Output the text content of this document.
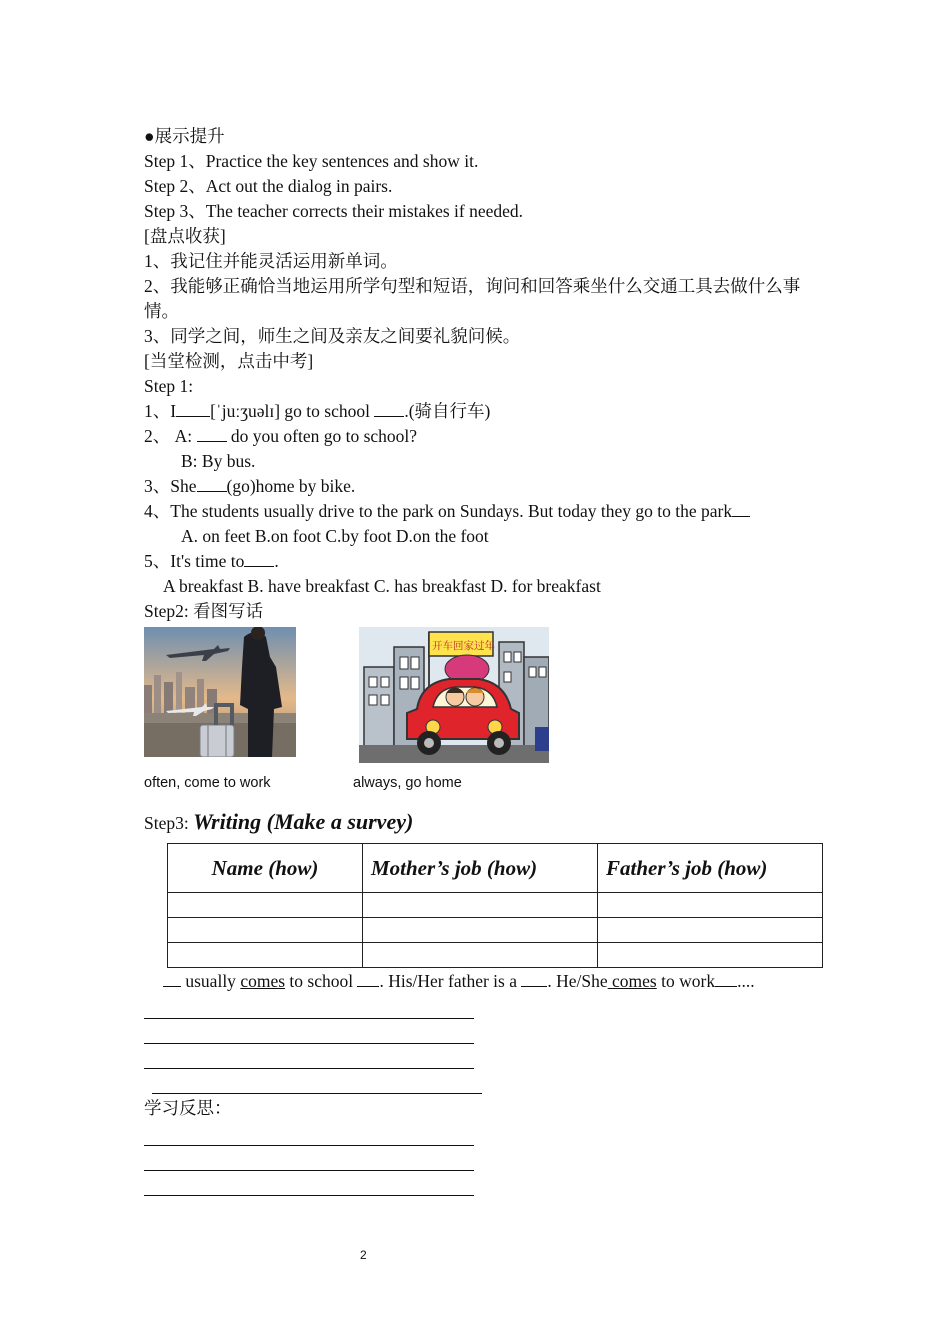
●展示提升
Step 1、Practice the key sentences and show it.
Step 2、Act out the dialog in pairs.
Step 3、The teacher corrects their mistakes if needed.
[盘点收获]
1、我记住并能灵活运用新单词。
2、我能够正确恰当地运用所学句型和短语，询问和回答乘坐什么交通工具去做什么事情。
3、同学之间，师生之间及亲友之间要礼貌问候。
[当堂检测，点击中考]
Step 1:
1、I [ˈjuːʒuəlɪ] go to school .(骑自行车)
2、 A:  do you often go to school?
B: By bus.
3、She (go)home by bike.
4、The students usually drive to the park on Sundays. But today they go to the park
A. on feet B.on foot C.by foot D.on the foot
5、It's time to .
A breakfast B. have breakfast C. has breakfast D. for breakfast
Step2: 看图写话
开车回家过年
often, come to work	always, go home
Step3: Writing (Make a survey)
Name (how)	Mother’s job (how)	Father’s job (how)

usually comes to school . His/Her father is a . He/She comes to work ....
学习反思：
2
